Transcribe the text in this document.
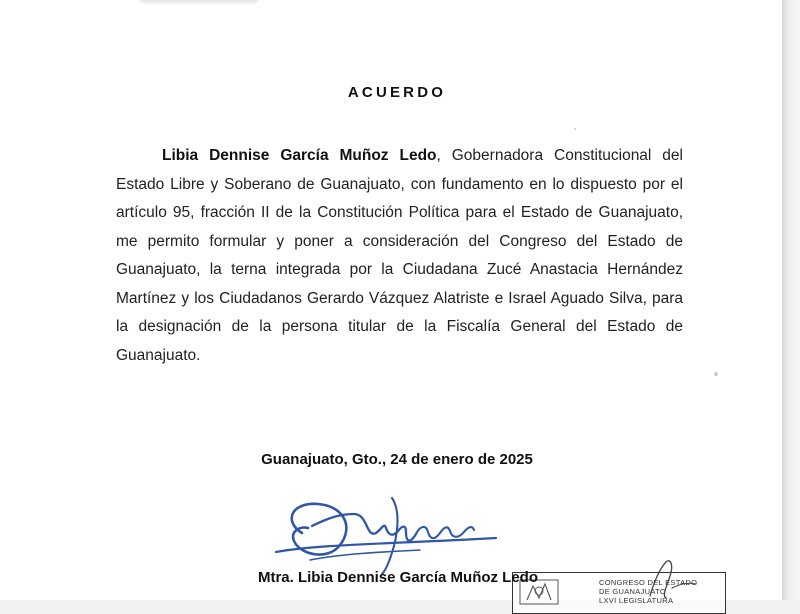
ACUERDO

Libia Dennise García Muñoz Ledo, Gobernadora Constitucional del Estado Libre y Soberano de Guanajuato, con fundamento en lo dispuesto por el artículo 95, fracción II de la Constitución Política para el Estado de Guanajuato, me permito formular y poner a consideración del Congreso del Estado de Guanajuato, la terna integrada por la Ciudadana Zucé Anastacia Hernández Martínez y los Ciudadanos Gerardo Vázquez Alatriste e Israel Aguado Silva, para la designación de la persona titular de la Fiscalía General del Estado de Guanajuato.

Guanajuato, Gto., 24 de enero de 2025
Mtra. Libia Dennise García Muñoz Ledo	CONGRESO DEL ESTADO
DE GUANAJUATO
LXVI LEGISLATURA
